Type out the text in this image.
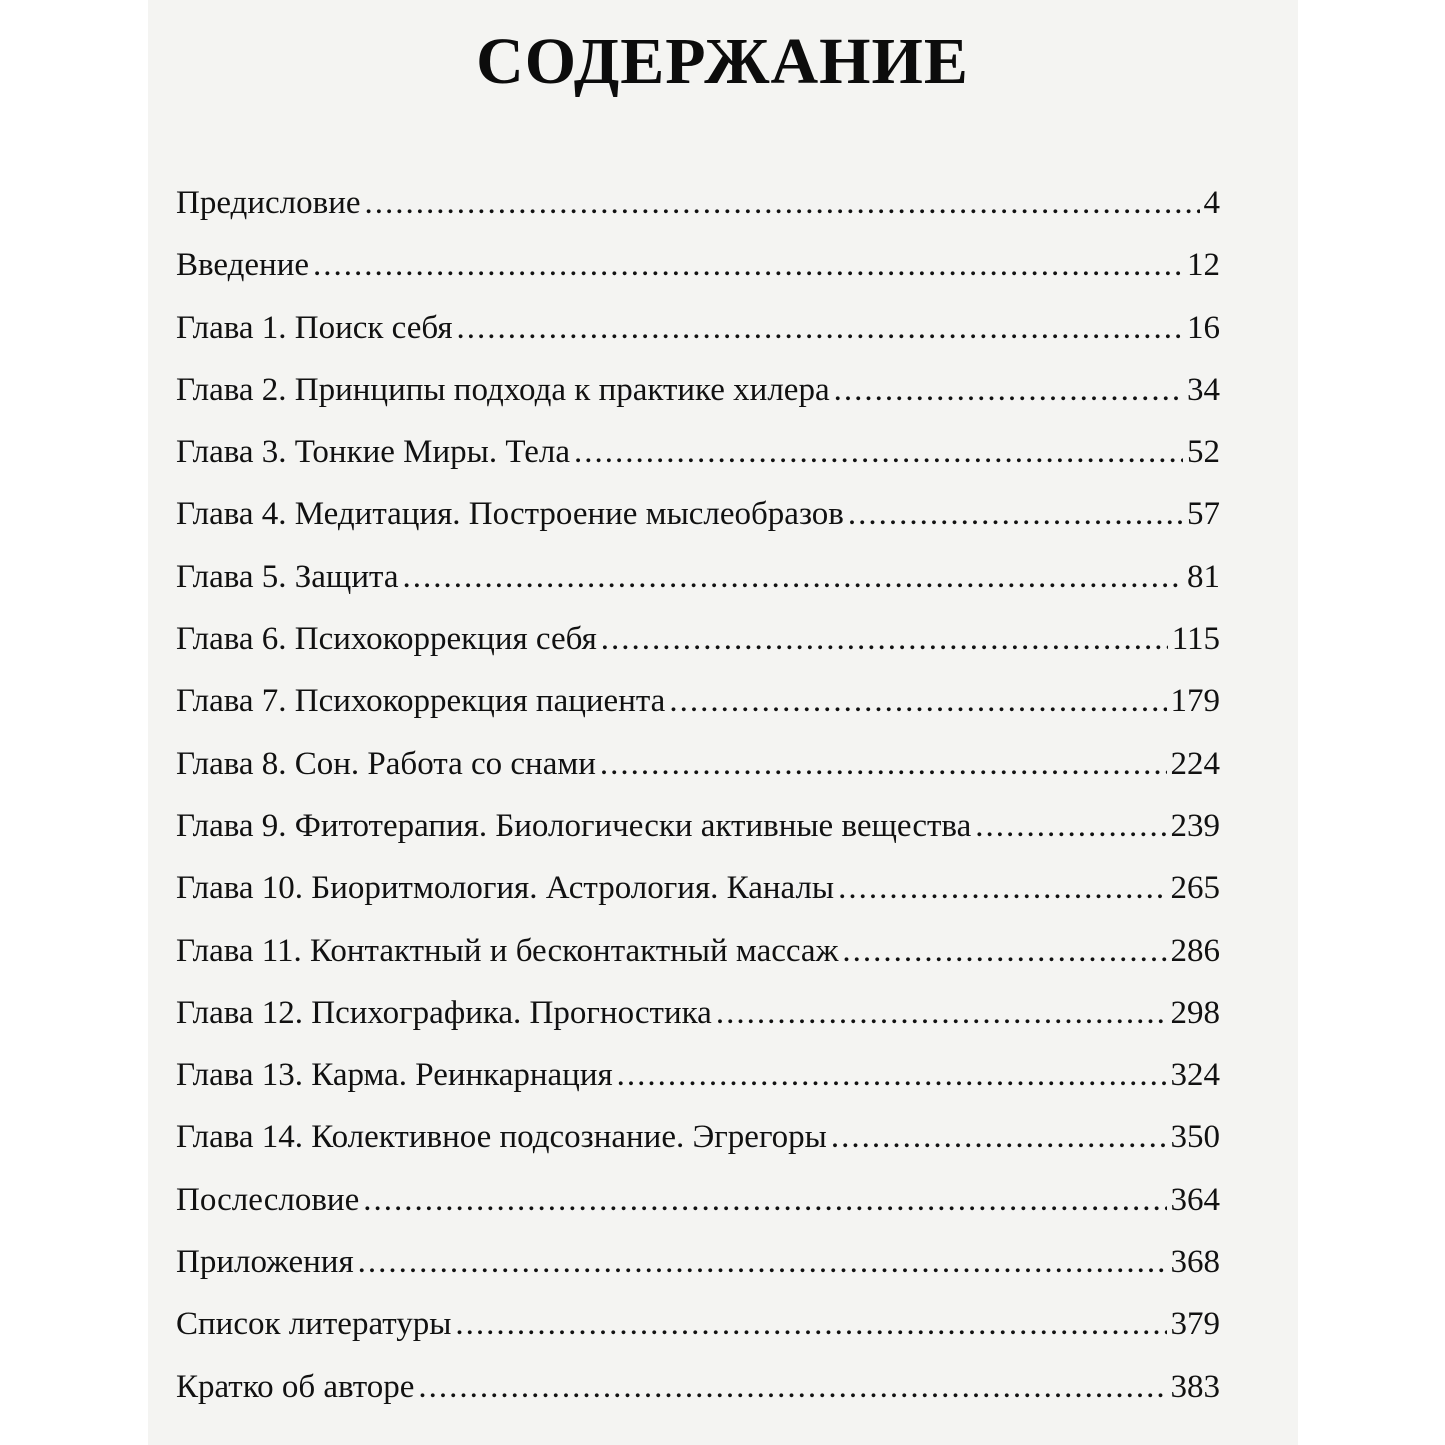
СОДЕРЖАНИЕ
Предисловие .....	4
Введение .....	12
Глава 1. Поиск себя .....	16
Глава 2. Принципы подхода к практике хилера .....	34
Глава 3. Тонкие Миры. Тела .....	52
Глава 4. Медитация. Построение мыслеобразов .....	57
Глава 5. Защита .....	81
Глава 6. Психокоррекция себя .....	115
Глава 7. Психокоррекция пациента .....	179
Глава 8. Сон. Работа со снами .....	224
Глава 9. Фитотерапия. Биологически активные вещества .....	239
Глава 10. Биоритмология. Астрология. Каналы .....	265
Глава 11. Контактный и бесконтактный массаж .....	286
Глава 12. Психографика. Прогностика .....	298
Глава 13. Карма. Реинкарнация .....	324
Глава 14. Колективное подсознание. Эгрегоры .....	350
Послесловие .....	364
Приложения .....	368
Список литературы .....	379
Кратко об авторе .....	383
